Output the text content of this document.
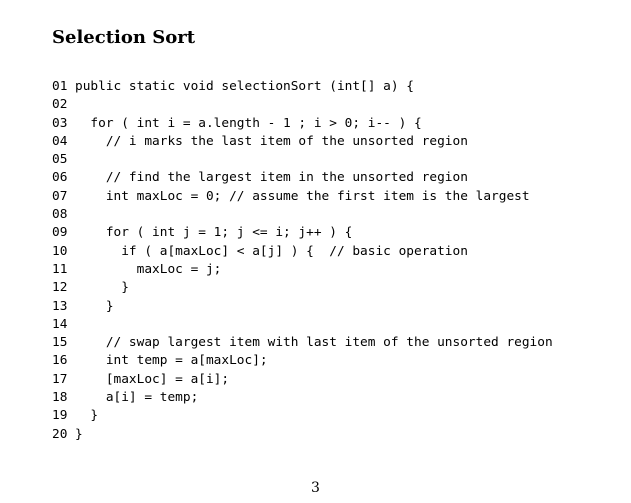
Selection Sort
01 public static void selectionSort (int[] a) {
02
03 for ( int i = a.length - 1 ; i > 0; i-- ) {
04 // i marks the last item of the unsorted region
05
06 // find the largest item in the unsorted region
07 int maxLoc = 0; // assume the first item is the largest
08
09 for ( int j = 1; j <= i; j++ ) {
10 if ( a[maxLoc] < a[j] ) {  // basic operation
11 maxLoc = j;
12 }
13 }
14
15 // swap largest item with last item of the unsorted region
16 int temp = a[maxLoc];
17 [maxLoc] = a[i];
18 a[i] = temp;
19 }
20 }
3
